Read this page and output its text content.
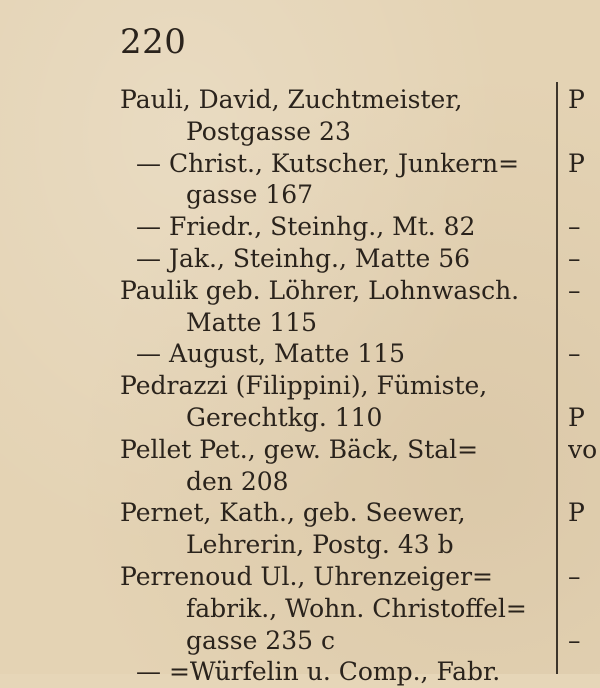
220
Pauli, David, Zuchtmeister,
Postgasse 23
— Christ., Kutscher, Junkern=
gasse 167
— Friedr., Steinhg., Mt. 82
— Jak., Steinhg., Matte 56
Paulik geb. Löhrer, Lohnwasch.
Matte 115
— August, Matte 115
Pedrazzi (Filippini), Fümiste,
Gerechtkg. 110
Pellet Pet., gew. Bäck, Stal=
den 208
Pernet, Kath., geb. Seewer,
Lehrerin, Postg. 43 b
Perrenoud Ul., Uhrenzeiger=
fabrik., Wohn. Christoffel=
gasse 235 c
— =Würfelin u. Comp., Fabr.
P
P
–
–
–
–
P
vo
P
–
–
